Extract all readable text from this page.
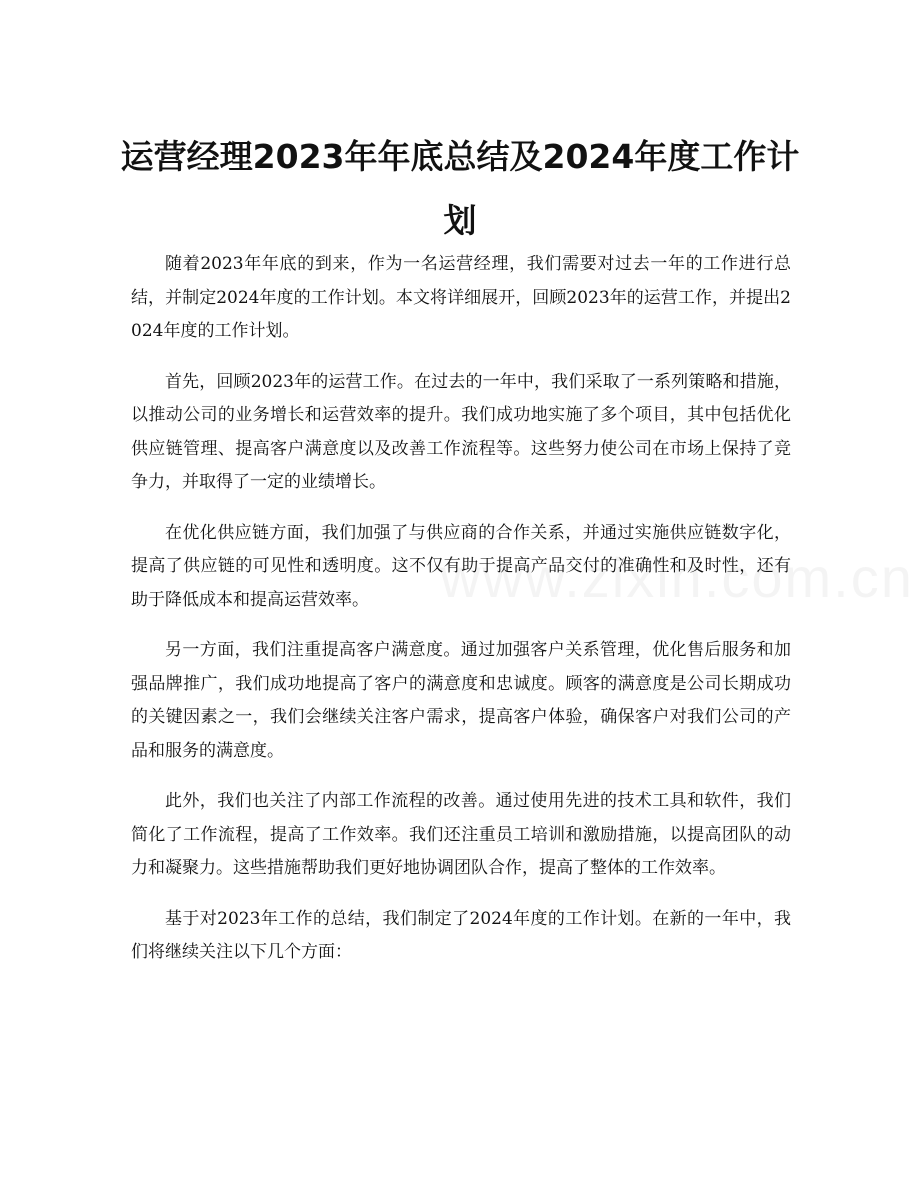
运营经理2023年年底总结及2024年度工作计划

随着2023年年底的到来，作为一名运营经理，我们需要对过去一年的工作进行总结，并制定2024年度的工作计划。本文将详细展开，回顾2023年的运营工作，并提出2024年度的工作计划。

首先，回顾2023年的运营工作。在过去的一年中，我们采取了一系列策略和措施，以推动公司的业务增长和运营效率的提升。我们成功地实施了多个项目，其中包括优化供应链管理、提高客户满意度以及改善工作流程等。这些努力使公司在市场上保持了竞争力，并取得了一定的业绩增长。

在优化供应链方面，我们加强了与供应商的合作关系，并通过实施供应链数字化，提高了供应链的可见性和透明度。这不仅有助于提高产品交付的准确性和及时性，还有助于降低成本和提高运营效率。

另一方面，我们注重提高客户满意度。通过加强客户关系管理，优化售后服务和加强品牌推广，我们成功地提高了客户的满意度和忠诚度。顾客的满意度是公司长期成功的关键因素之一，我们会继续关注客户需求，提高客户体验，确保客户对我们公司的产品和服务的满意度。

此外，我们也关注了内部工作流程的改善。通过使用先进的技术工具和软件，我们简化了工作流程，提高了工作效率。我们还注重员工培训和激励措施，以提高团队的动力和凝聚力。这些措施帮助我们更好地协调团队合作，提高了整体的工作效率。

基于对2023年工作的总结，我们制定了2024年度的工作计划。在新的一年中，我们将继续关注以下几个方面：
